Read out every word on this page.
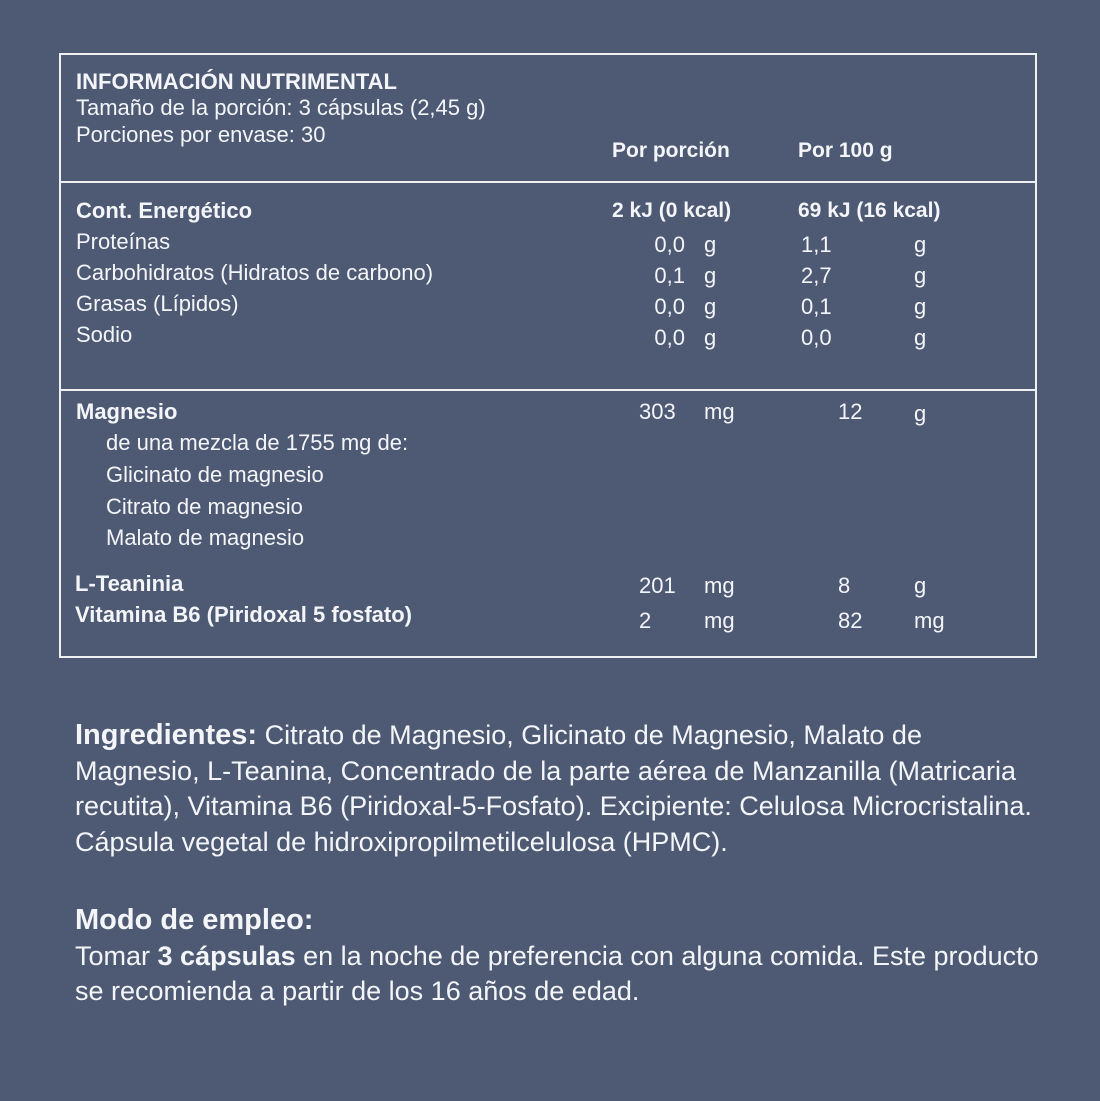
INFORMACIÓN NUTRIMENTAL
Tamaño de la porción: 3 cápsulas (2,45 g)
Porciones por envase: 30
Por porción	Por 100 g
Cont. Energético	2 kJ (0 kcal)	69 kJ (16 kcal)
Proteínas	0,0 g	1,1	g
Carbohidratos (Hidratos de carbono)	0,1 g	2,7	g
Grasas (Lípidos)	0,0 g	0,1	g
Sodio	0,0 g	0,0	g
Magnesio	303 mg	12 g
de una mezcla de 1755 mg de:
Glicinato de magnesio
Citrato de magnesio
Malato de magnesio
L-Teaninia	201 mg	8	g
Vitamina B6 (Piridoxal 5 fosfato)	2 mg	82 mg
Ingredientes: Citrato de Magnesio, Glicinato de Magnesio, Malato de Magnesio, L-Teanina, Concentrado de la parte aérea de Manzanilla (Matricaria recutita), Vitamina B6 (Piridoxal-5-Fosfato). Excipiente: Celulosa Microcristalina. Cápsula vegetal de hidroxipropilmetilcelulosa (HPMC).
Modo de empleo:
Tomar 3 cápsulas en la noche de preferencia con alguna comida. Este producto se recomienda a partir de los 16 años de edad.
